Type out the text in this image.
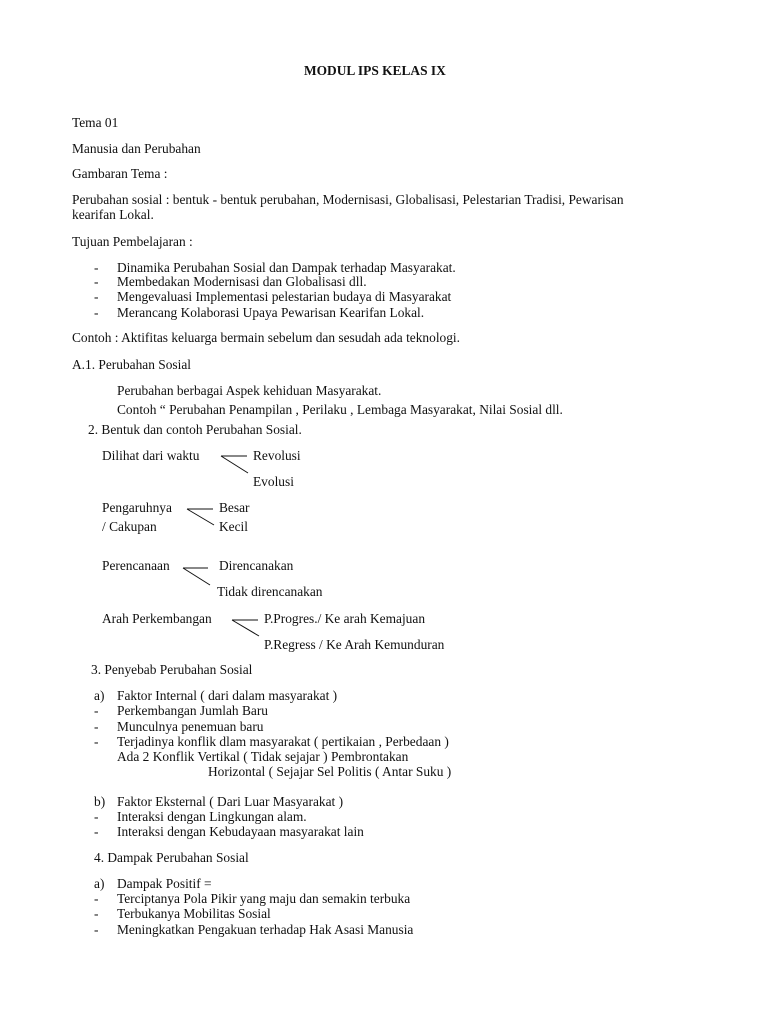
MODUL IPS KELAS IX
Tema 01
Manusia dan Perubahan
Gambaran Tema :
Perubahan sosial : bentuk - bentuk perubahan, Modernisasi, Globalisasi, Pelestarian Tradisi, Pewarisan
kearifan Lokal.
Tujuan Pembelajaran :
- Dinamika Perubahan Sosial dan Dampak terhadap Masyarakat.
- Membedakan Modernisasi dan Globalisasi dll.
- Mengevaluasi Implementasi pelestarian budaya di Masyarakat
- Merancang Kolaborasi Upaya Pewarisan Kearifan Lokal.
Contoh : Aktifitas keluarga bermain sebelum dan sesudah ada teknologi.
A.1. Perubahan Sosial
Perubahan berbagai Aspek kehiduan Masyarakat.
Contoh “ Perubahan Penampilan , Perilaku , Lembaga Masyarakat, Nilai Sosial dll.
2. Bentuk dan contoh Perubahan Sosial.
Dilihat dari waktu	Revolusi
Evolusi
Pengaruhnya
/ Cakupan
Besar
Kecil
Perencanaan	Direncanakan
Tidak direncanakan
Arah Perkembangan	P.Progres./ Ke arah Kemajuan
P.Regress / Ke Arah Kemunduran
3. Penyebab Perubahan Sosial
a) Faktor Internal ( dari dalam masyarakat )
- Perkembangan Jumlah Baru
- Munculnya penemuan baru
- Terjadinya konflik dlam masyarakat ( pertikaian , Perbedaan )
Ada 2 Konflik Vertikal ( Tidak sejajar ) Pembrontakan
Horizontal ( Sejajar Sel Politis ( Antar Suku )
b) Faktor Eksternal ( Dari Luar Masyarakat )
- Interaksi dengan Lingkungan alam.
- Interaksi dengan Kebudayaan masyarakat lain
4. Dampak Perubahan Sosial
a) Dampak Positif =
- Terciptanya Pola Pikir yang maju dan semakin terbuka
- Terbukanya Mobilitas Sosial
- Meningkatkan Pengakuan terhadap Hak Asasi Manusia
